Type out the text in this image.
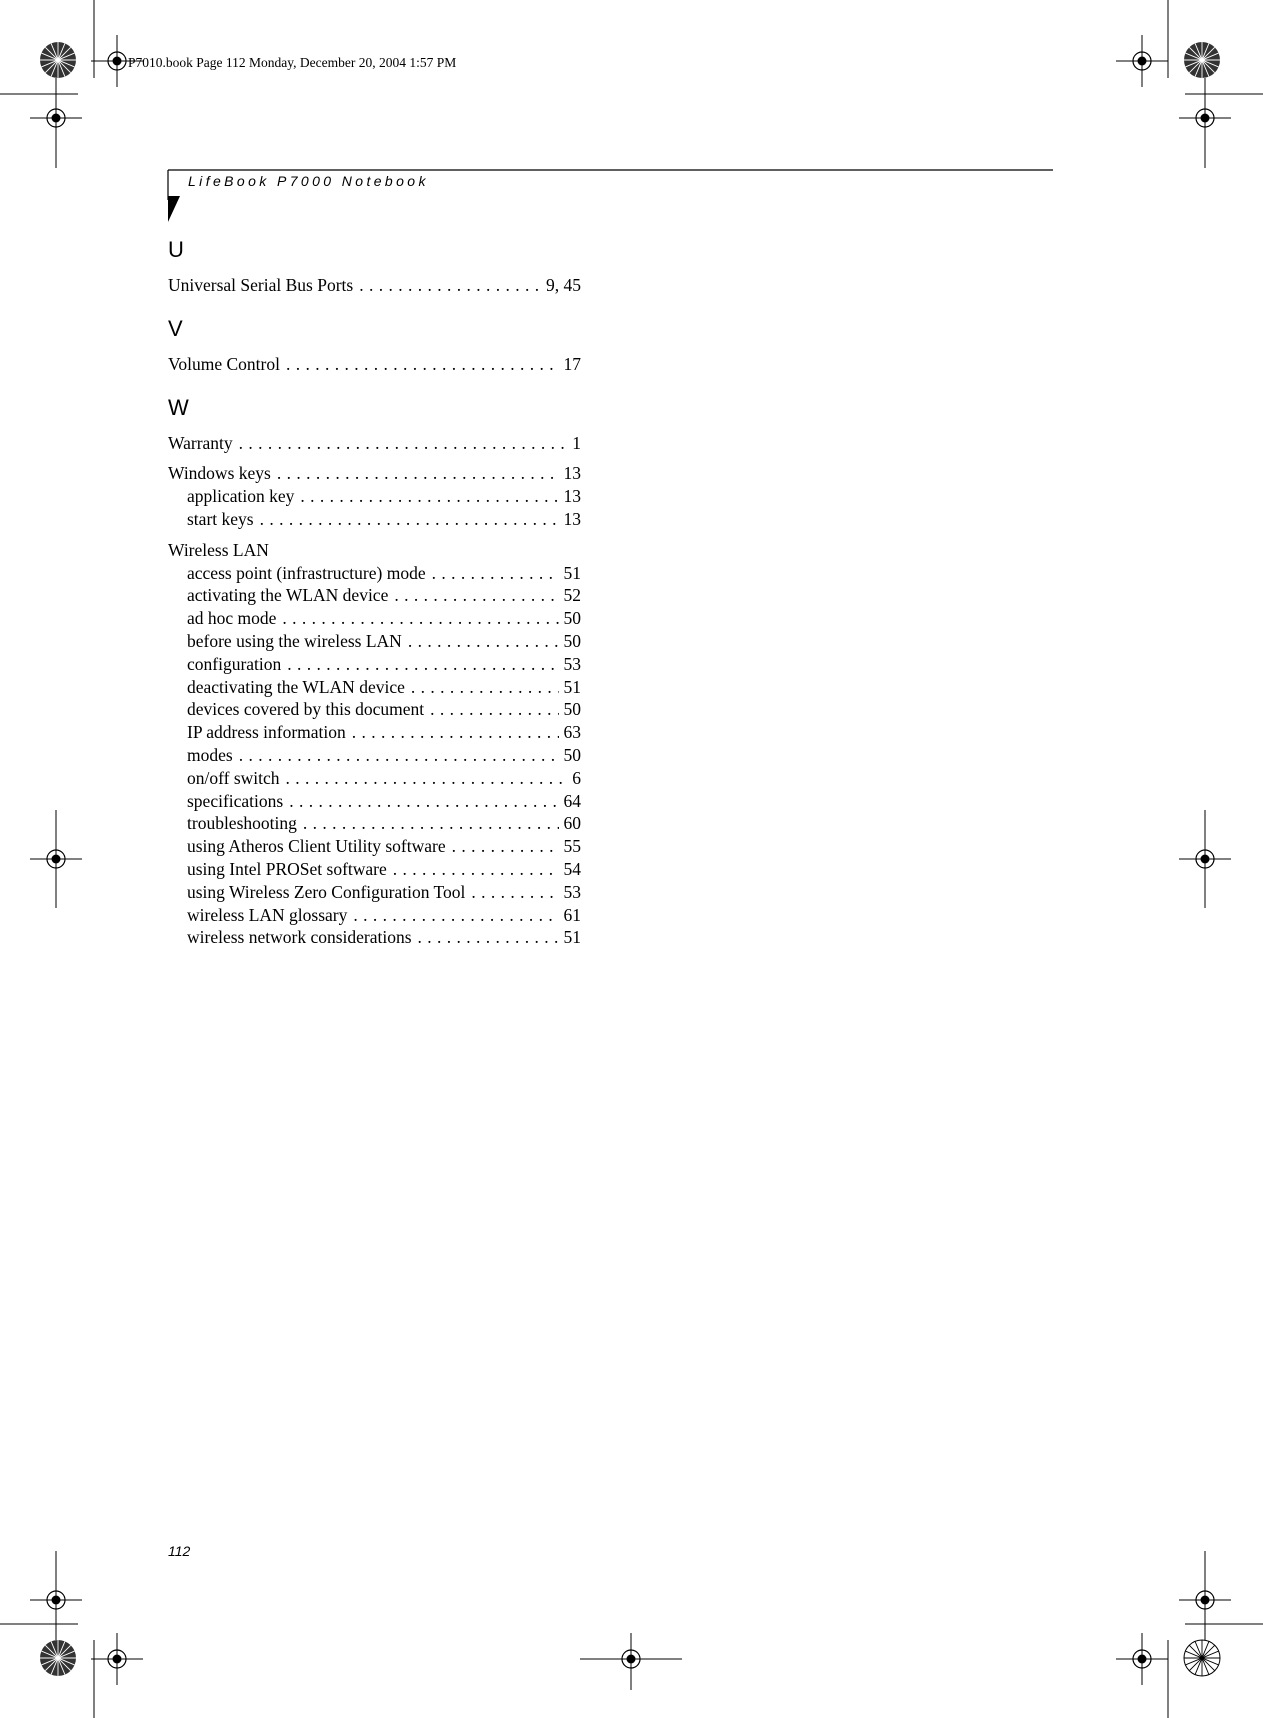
P7010.book Page 112 Monday, December 20, 2004 1:57 PM
LifeBook P7000 Notebook
U
Universal Serial Bus Ports . . .	9, 45
V
Volume Control . . .	17
W
Warranty . . .	1
Windows keys . . .	13
application key . . .	13
start keys . . .	13
Wireless LAN
access point (infrastructure) mode . . .	51
activating the WLAN device . . .	52
ad hoc mode . . .	50
before using the wireless LAN . . .	50
configuration . . .	53
deactivating the WLAN device . . .	51
devices covered by this document . . .	50
IP address information . . .	63
modes . . .	50
on/off switch . . .	6
specifications . . .	64
troubleshooting . . .	60
using Atheros Client Utility software . . .	55
using Intel PROSet software . . .	54
using Wireless Zero Configuration Tool . . .	53
wireless LAN glossary . . .	61
wireless network considerations . . .	51
112
